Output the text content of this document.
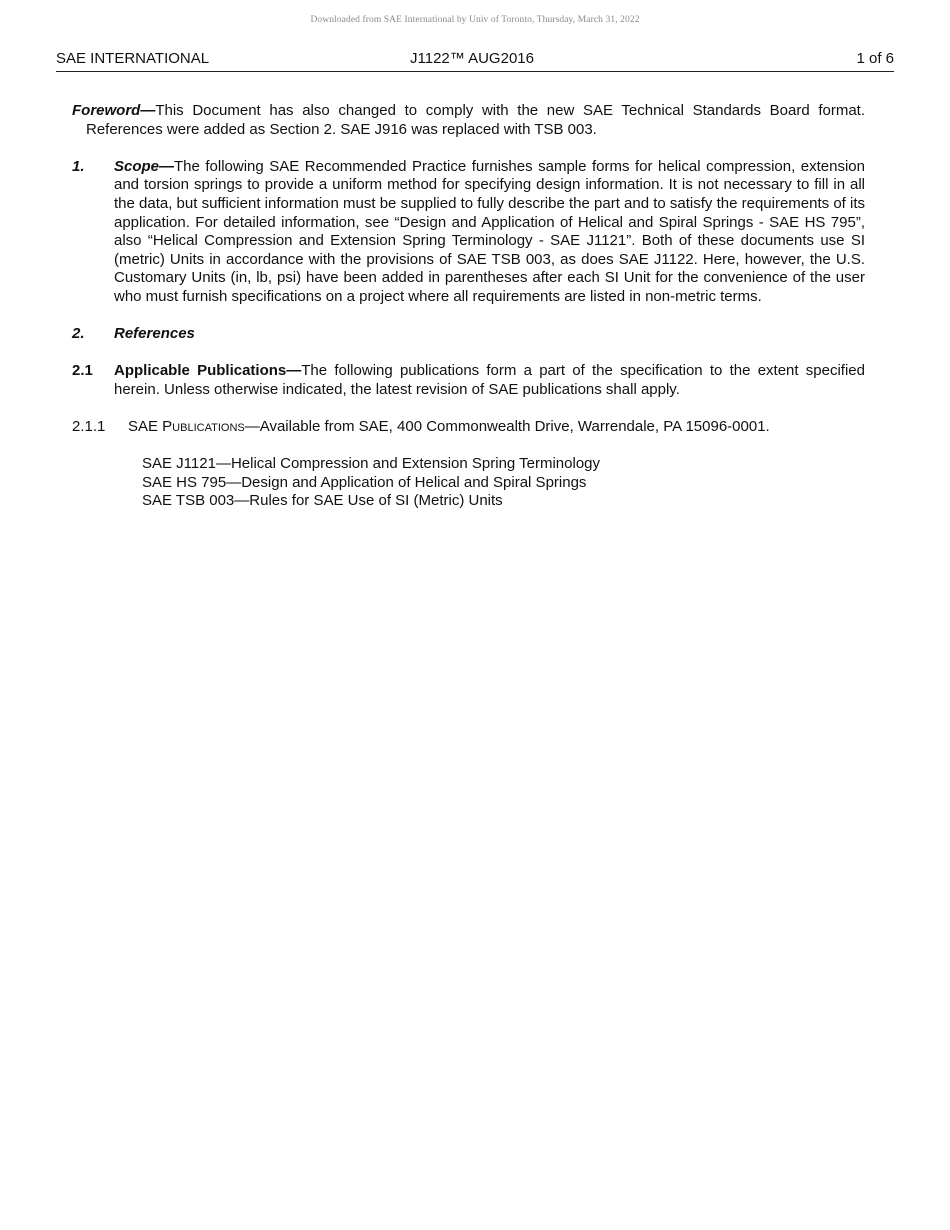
Downloaded from SAE International by Univ of Toronto, Thursday, March 31, 2022
SAE INTERNATIONAL	J1122™ AUG2016	1 of 6

Foreword—This Document has also changed to comply with the new SAE Technical Standards Board format. References were added as Section 2. SAE J916 was replaced with TSB 003.

1. Scope—The following SAE Recommended Practice furnishes sample forms for helical compression, extension and torsion springs to provide a uniform method for specifying design information. It is not necessary to fill in all the data, but sufficient information must be supplied to fully describe the part and to satisfy the requirements of its application. For detailed information, see “Design and Application of Helical and Spiral Springs - SAE HS 795”, also “Helical Compression and Extension Spring Terminology - SAE J1121”. Both of these documents use SI (metric) Units in accordance with the provisions of SAE TSB 003, as does SAE J1122. Here, however, the U.S. Customary Units (in, lb, psi) have been added in parentheses after each SI Unit for the convenience of the user who must furnish specifications on a project where all requirements are listed in non-metric terms.
2. References
2.1 Applicable Publications—The following publications form a part of the specification to the extent specified herein. Unless otherwise indicated, the latest revision of SAE publications shall apply.
2.1.1 SAE Publications—Available from SAE, 400 Commonwealth Drive, Warrendale, PA 15096-0001.
SAE J1121—Helical Compression and Extension Spring Terminology
SAE HS 795—Design and Application of Helical and Spiral Springs
SAE TSB 003—Rules for SAE Use of SI (Metric) Units
